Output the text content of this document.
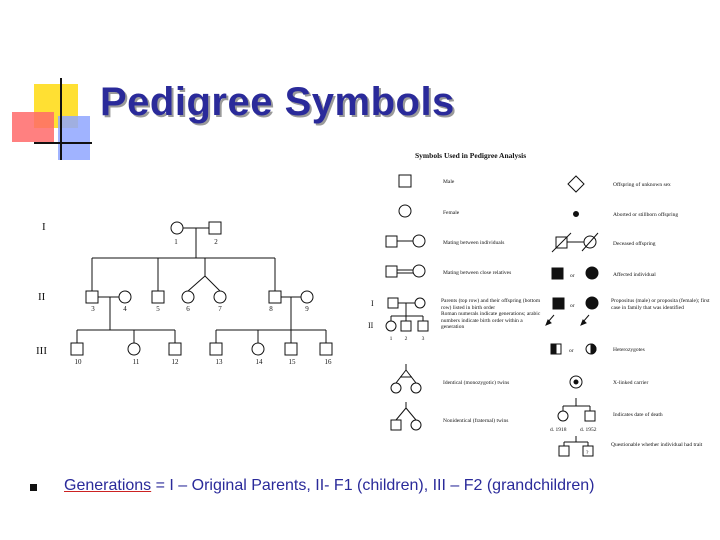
Pedigree Symbols
Symbols Used in Pedigree Analysis
I
II
III
I
II
1	2
3	4	5	6	7	8	9
10	11	12	13	14	15	16
1 2	3
Male
Female
Mating between individuals
Mating between close relatives
Parents (top row) and their offspring (bottom row) listed in birth order
Roman numerals indicate generations; arabic numbers indicate birth order within a generation
Identical (monozygotic) twins
Nonidentical (fraternal) twins
Offspring of unknown sex
Aborted or stillborn offspring
Deceased offspring
Affected individual
Propositus (male) or proposita (female); first case in family that was identified
Heterozygotes
X-linked carrier
Indicates date of death
Questionable whether individual had trait
or
or
or
d. 1918 d. 1952
?
Generations = I – Original Parents, II- F1 (children), III – F2 (grandchildren)
